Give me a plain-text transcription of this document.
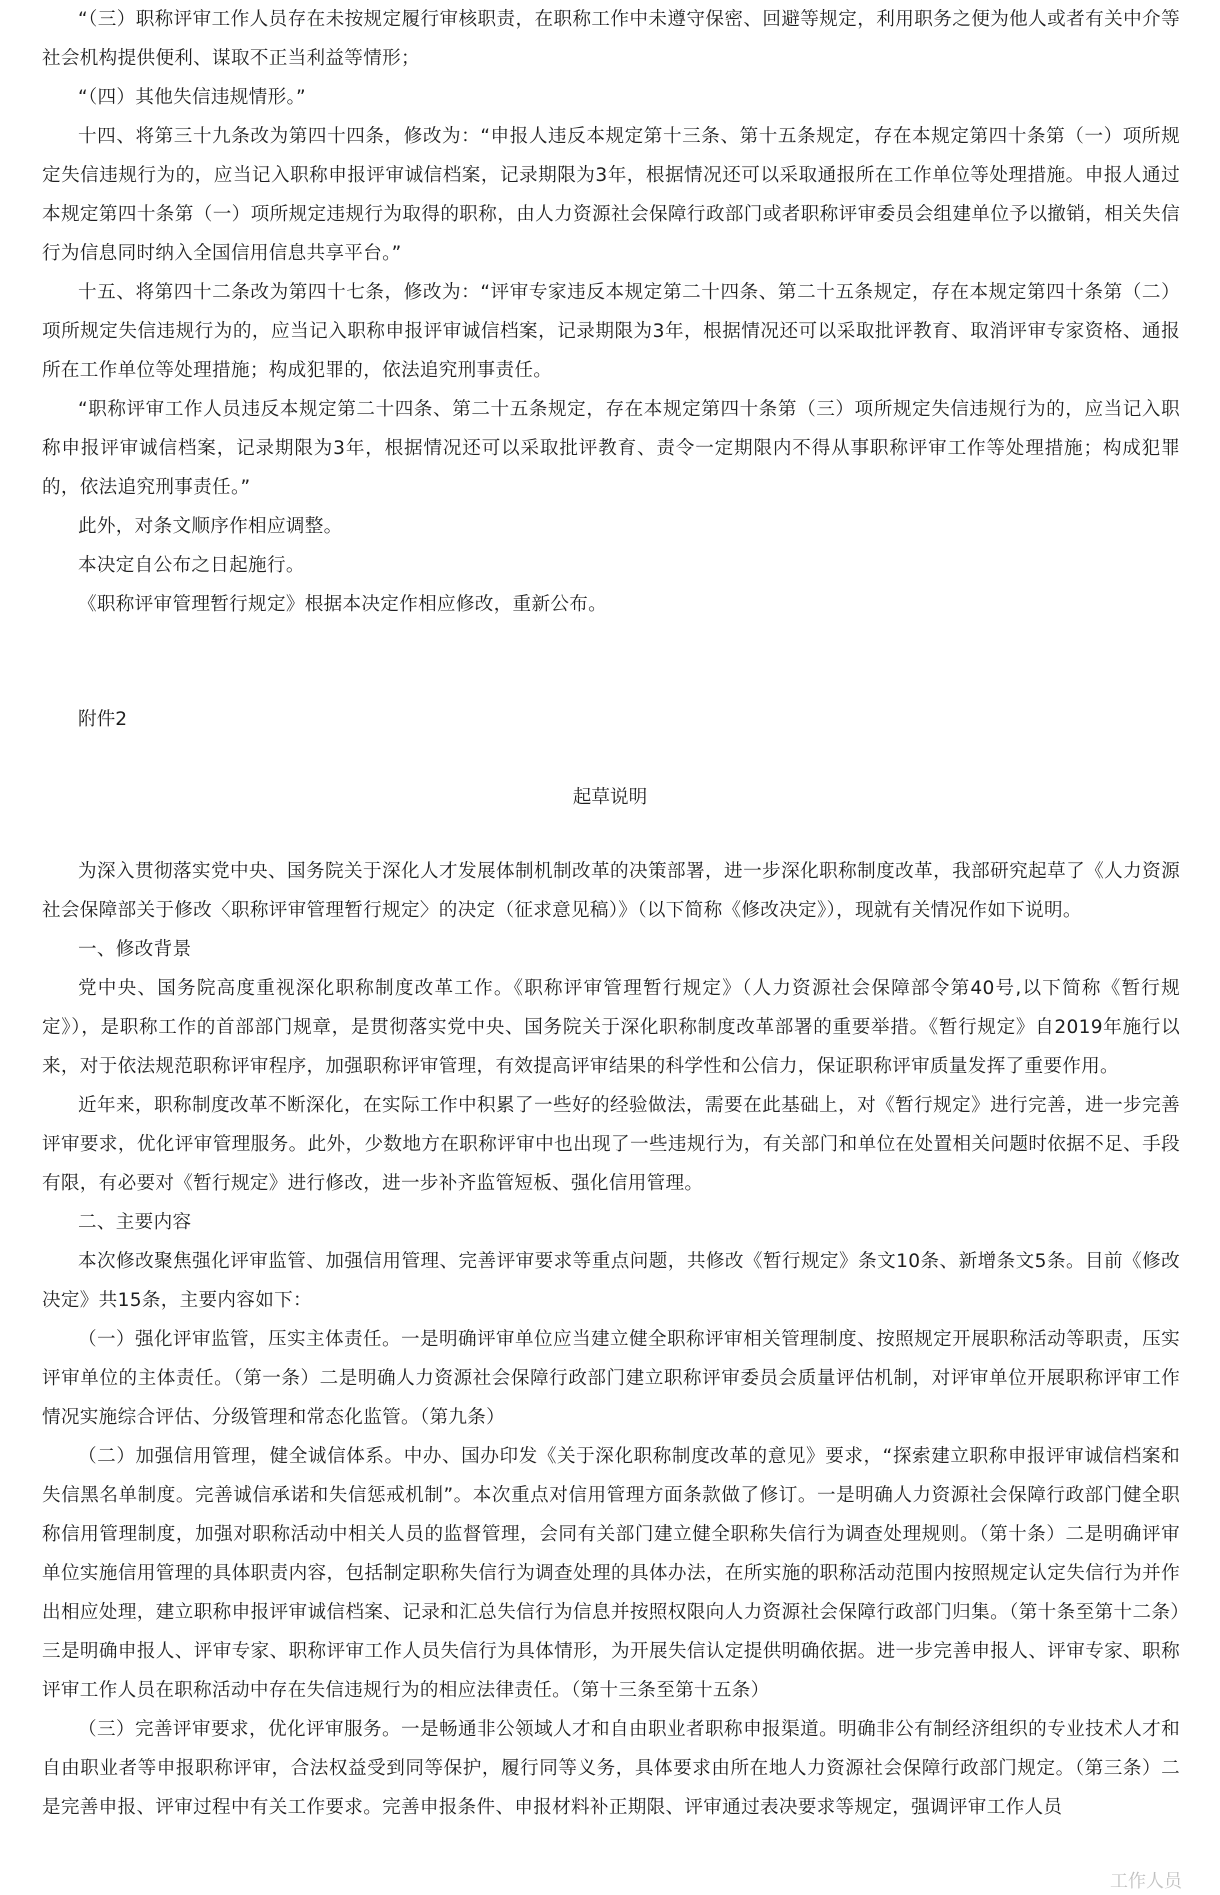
“（三）职称评审工作人员存在未按规定履行审核职责，在职称工作中未遵守保密、回避等规定，利用职务之便为他人或者有关中介等社会机构提供便利、谋取不正当利益等情形；

“（四）其他失信违规情形。”

十四、将第三十九条改为第四十四条，修改为：“申报人违反本规定第十三条、第十五条规定，存在本规定第四十条第（一）项所规定失信违规行为的，应当记入职称申报评审诚信档案，记录期限为3年，根据情况还可以采取通报所在工作单位等处理措施。申报人通过本规定第四十条第（一）项所规定违规行为取得的职称，由人力资源社会保障行政部门或者职称评审委员会组建单位予以撤销，相关失信行为信息同时纳入全国信用信息共享平台。”

十五、将第四十二条改为第四十七条，修改为：“评审专家违反本规定第二十四条、第二十五条规定，存在本规定第四十条第（二）项所规定失信违规行为的，应当记入职称申报评审诚信档案，记录期限为3年，根据情况还可以采取批评教育、取消评审专家资格、通报所在工作单位等处理措施；构成犯罪的，依法追究刑事责任。

“职称评审工作人员违反本规定第二十四条、第二十五条规定，存在本规定第四十条第（三）项所规定失信违规行为的，应当记入职称申报评审诚信档案，记录期限为3年，根据情况还可以采取批评教育、责令一定期限内不得从事职称评审工作等处理措施；构成犯罪的，依法追究刑事责任。”

此外，对条文顺序作相应调整。

本决定自公布之日起施行。

《职称评审管理暂行规定》根据本决定作相应修改，重新公布。

附件2
起草说明

为深入贯彻落实党中央、国务院关于深化人才发展体制机制改革的决策部署，进一步深化职称制度改革，我部研究起草了《人力资源社会保障部关于修改〈职称评审管理暂行规定〉的决定（征求意见稿）》（以下简称《修改决定》），现就有关情况作如下说明。

一、修改背景

党中央、国务院高度重视深化职称制度改革工作。《职称评审管理暂行规定》（人力资源社会保障部令第40号,以下简称《暂行规定》），是职称工作的首部部门规章，是贯彻落实党中央、国务院关于深化职称制度改革部署的重要举措。《暂行规定》自2019年施行以来，对于依法规范职称评审程序，加强职称评审管理，有效提高评审结果的科学性和公信力，保证职称评审质量发挥了重要作用。

近年来，职称制度改革不断深化，在实际工作中积累了一些好的经验做法，需要在此基础上，对《暂行规定》进行完善，进一步完善评审要求，优化评审管理服务。此外，少数地方在职称评审中也出现了一些违规行为，有关部门和单位在处置相关问题时依据不足、手段有限，有必要对《暂行规定》进行修改，进一步补齐监管短板、强化信用管理。

二、主要内容

本次修改聚焦强化评审监管、加强信用管理、完善评审要求等重点问题，共修改《暂行规定》条文10条、新增条文5条。目前《修改决定》共15条，主要内容如下：

（一）强化评审监管，压实主体责任。一是明确评审单位应当建立健全职称评审相关管理制度、按照规定开展职称活动等职责，压实评审单位的主体责任。（第一条）二是明确人力资源社会保障行政部门建立职称评审委员会质量评估机制，对评审单位开展职称评审工作情况实施综合评估、分级管理和常态化监管。（第九条）

（二）加强信用管理，健全诚信体系。中办、国办印发《关于深化职称制度改革的意见》要求，“探索建立职称申报评审诚信档案和失信黑名单制度。完善诚信承诺和失信惩戒机制”。本次重点对信用管理方面条款做了修订。一是明确人力资源社会保障行政部门健全职称信用管理制度，加强对职称活动中相关人员的监督管理，会同有关部门建立健全职称失信行为调查处理规则。（第十条）二是明确评审单位实施信用管理的具体职责内容，包括制定职称失信行为调查处理的具体办法，在所实施的职称活动范围内按照规定认定失信行为并作出相应处理，建立职称申报评审诚信档案、记录和汇总失信行为信息并按照权限向人力资源社会保障行政部门归集。（第十条至第十二条）三是明确申报人、评审专家、职称评审工作人员失信行为具体情形，为开展失信认定提供明确依据。进一步完善申报人、评审专家、职称评审工作人员在职称活动中存在失信违规行为的相应法律责任。（第十三条至第十五条）

（三）完善评审要求，优化评审服务。一是畅通非公领域人才和自由职业者职称申报渠道。明确非公有制经济组织的专业技术人才和自由职业者等申报职称评审，合法权益受到同等保护，履行同等义务，具体要求由所在地人力资源社会保障行政部门规定。（第三条）二是完善申报、评审过程中有关工作要求。完善申报条件、申报材料补正期限、评审通过表决要求等规定，强调评审工作人员

工作人员
